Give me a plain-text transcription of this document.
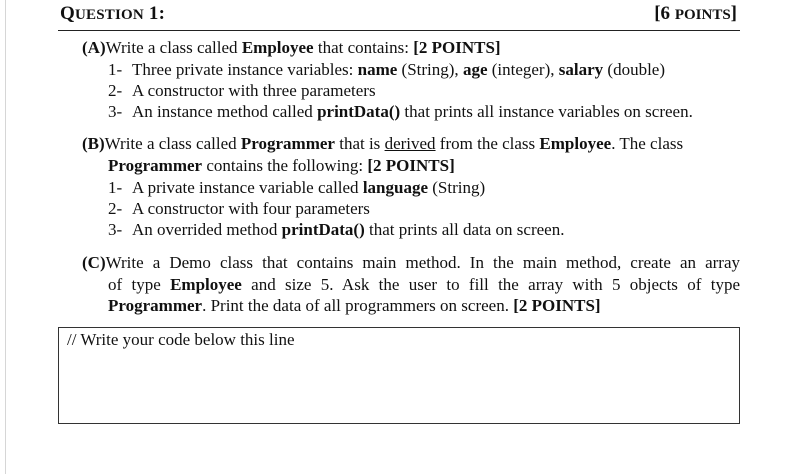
QUESTION 1:	[6 POINTS]
(A)Write a class called Employee that contains: [2 POINTS]
1- Three private instance variables: name (String), age (integer), salary (double)
2- A constructor with three parameters
3- An instance method called printData() that prints all instance variables on screen.
(B)Write a class called Programmer that is derived from the class Employee. The class
Programmer contains the following: [2 POINTS]
1- A private instance variable called language (String)
2- A constructor with four parameters
3- An overrided method printData() that prints all data on screen.
(C)Write a Demo class that contains main method. In the main method, create an array
of type Employee and size 5. Ask the user to fill the array with 5 objects of type
Programmer. Print the data of all programmers on screen. [2 POINTS]
// Write your code below this line
